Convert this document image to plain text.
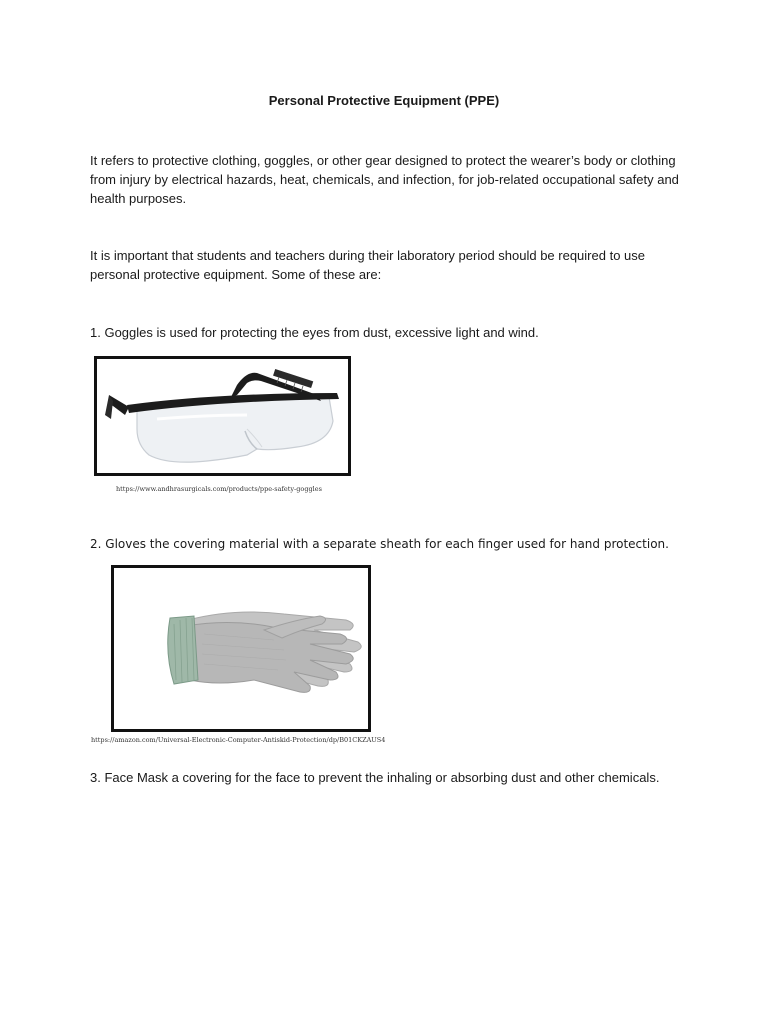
Personal Protective Equipment (PPE)

It refers to protective clothing, goggles, or other gear designed to protect the wearer’s body or clothing from injury by electrical hazards, heat, chemicals, and infection, for job-related occupational safety and health purposes.

It is important that students and teachers during their laboratory period should be required to use personal protective equipment. Some of these are:

1. Goggles is used for protecting the eyes from dust, excessive light and wind.

https://www.andhrasurgicals.com/products/ppe-safety-goggles

2. Gloves the covering material with a separate sheath for each finger used for hand protection.

https://amazon.com/Universal-Electronic-Computer-Antiskid-Protection/dp/B01CKZAUS4

3. Face Mask a covering for the face to prevent the inhaling or absorbing dust and other chemicals.
